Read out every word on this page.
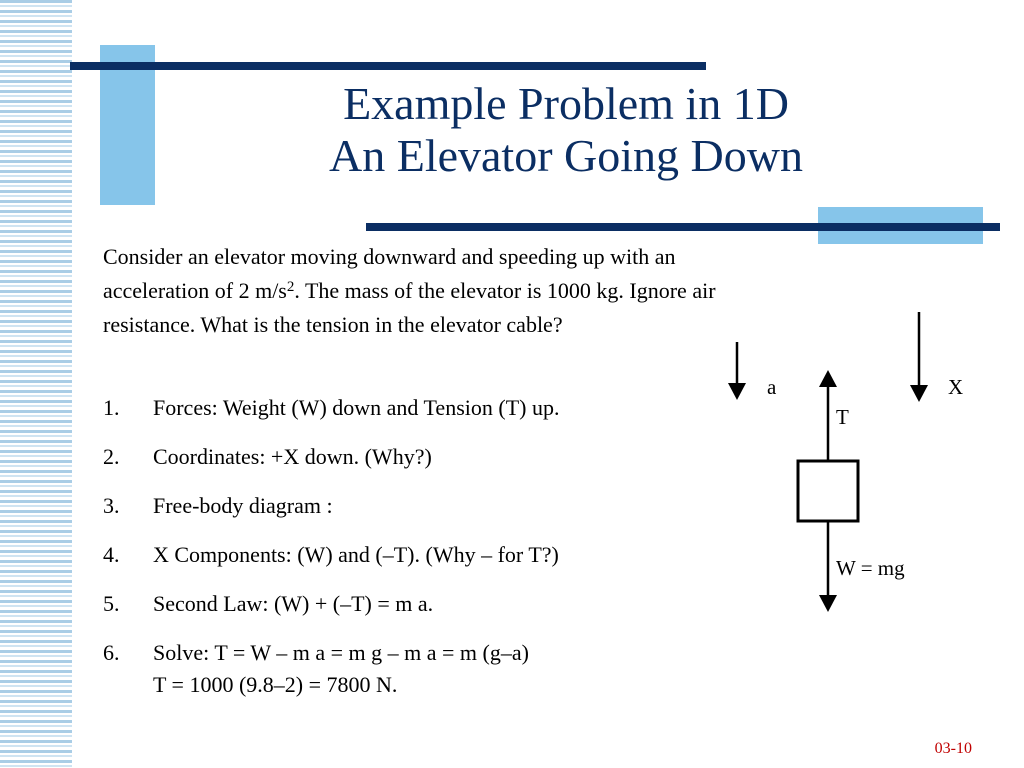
Example Problem in 1D
An Elevator Going Down

Consider an elevator moving downward and speeding up with an acceleration of 2 $m/s^2$. The mass of the elevator is 1000 kg. Ignore air resistance. What is the tension in the elevator cable?

1.	Forces: Weight (W) down and Tension (T) up.
2.	Coordinates: +X down. (Why?)
3.	Free-body diagram :
4.	X Components: (W) and (–T). (Why – for T?)
5.	Second Law: (W) + (–T) = m a.
6.	Solve: T = W – m a = m g – m a = m (g–a)
T = 1000 (9.8–2) = 7800 N.
a	X
T
W = mg
03-10
